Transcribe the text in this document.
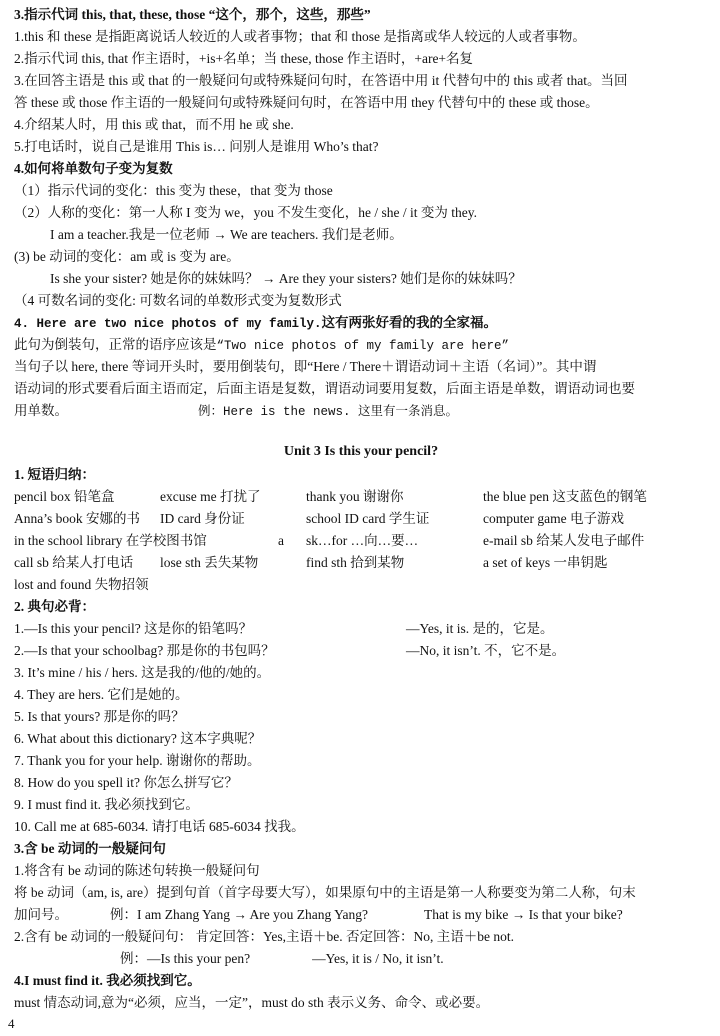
3.指示代词 this, that, these, those “这个，那个，这些，那些”
1.this 和 these 是指距离说话人较近的人或者事物；that 和 those 是指离或华人较远的人或者事物。
2.指示代词 this, that 作主语时，+is+名单；当 these, those 作主语时，+are+名复
3.在回答主语是 this 或 that 的一般疑问句或特殊疑问句时，在答语中用 it 代替句中的 this 或者 that。当回
答 these 或 those 作主语的一般疑问句或特殊疑问句时，在答语中用 they 代替句中的 these 或 those。
4.介绍某人时，用 this 或 that，而不用 he 或 she.
5.打电话时，说自己是谁用 This is… 问别人是谁用 Who’s that?
4.如何将单数句子变为复数
（1）指示代词的变化：this 变为 these，that 变为 those
（2）人称的变化：第一人称 I 变为 we，you 不发生变化，he / she / it 变为 they.
I am a teacher.我是一位老师 → We are teachers. 我们是老师。
(3) be 动词的变化：am 或 is 变为 are。
Is she your sister? 她是你的妹妹吗？ → Are they your sisters? 她们是你的妹妹吗？
（4 可数名词的变化: 可数名词的单数形式变为复数形式
4. Here are two nice photos of my family.这有两张好看的我的全家福。
此句为倒装句，正常的语序应该是“Two nice photos of my family are here”
当句子以 here, there 等词开头时，要用倒装句，即“Here / There＋谓语动词＋主语（名词）”。其中谓
语动词的形式要看后面主语而定，后面主语是复数，谓语动词要用复数，后面主语是单数，谓语动词也要
用单数。	例：Here is the news. 这里有一条消息。
Unit 3 Is this your pencil?
1. 短语归纳：
pencil box 铅笔盒	excuse me 打扰了	thank you 谢谢你	the blue pen 这支蓝色的钢笔
Anna’s book 安娜的书	ID card 身份证	school ID card 学生证	computer game 电子游戏
in the school library 在学校图书馆	a	sk…for …向…要…	e-mail sb 给某人发电子邮件
call sb 给某人打电话	lose sth 丢失某物	find sth 拾到某物	a set of keys 一串钥匙
lost and found 失物招领
2. 典句必背：
1.—Is this your pencil? 这是你的铅笔吗？	—Yes, it is. 是的，它是。
2.—Is that your schoolbag? 那是你的书包吗？	—No, it isn’t. 不，它不是。
3. It’s mine / his / hers. 这是我的/他的/她的。
4. They are hers. 它们是她的。
5. Is that yours? 那是你的吗？
6. What about this dictionary? 这本字典呢？
7. Thank you for your help. 谢谢你的帮助。
8. How do you spell it? 你怎么拼写它？
9. I must find it. 我必须找到它。
10. Call me at 685-6034. 请打电话 685-6034 找我。
3.含 be 动词的一般疑问句
1.将含有 be 动词的陈述句转换一般疑问句
将 be 动词（am, is, are）提到句首（首字母要大写），如果原句中的主语是第一人称要变为第二人称，句末
加问号。	例：I am Zhang Yang → Are you Zhang Yang?	That is my bike → Is that your bike?
2.含有 be 动词的一般疑问句： 肯定回答：Yes,主语＋be. 否定回答：No, 主语＋be not.
例：—Is this your pen?	—Yes, it is / No, it isn’t.
4.I must find it. 我必须找到它。
must 情态动词,意为“必须，应当，一定”，must do sth 表示义务、命令、或必要。
4
